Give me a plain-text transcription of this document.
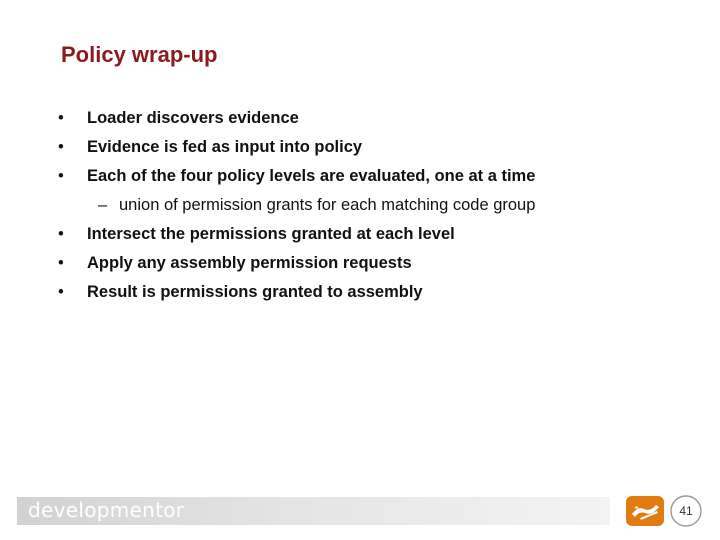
Policy wrap-up
•	Loader discovers evidence
•	Evidence is fed as input into policy
•	Each of the four policy levels are evaluated, one at a time
– union of permission grants for each matching code group
•	Intersect the permissions granted at each level
•	Apply any assembly permission requests
•	Result is permissions granted to assembly
developmentor	41
